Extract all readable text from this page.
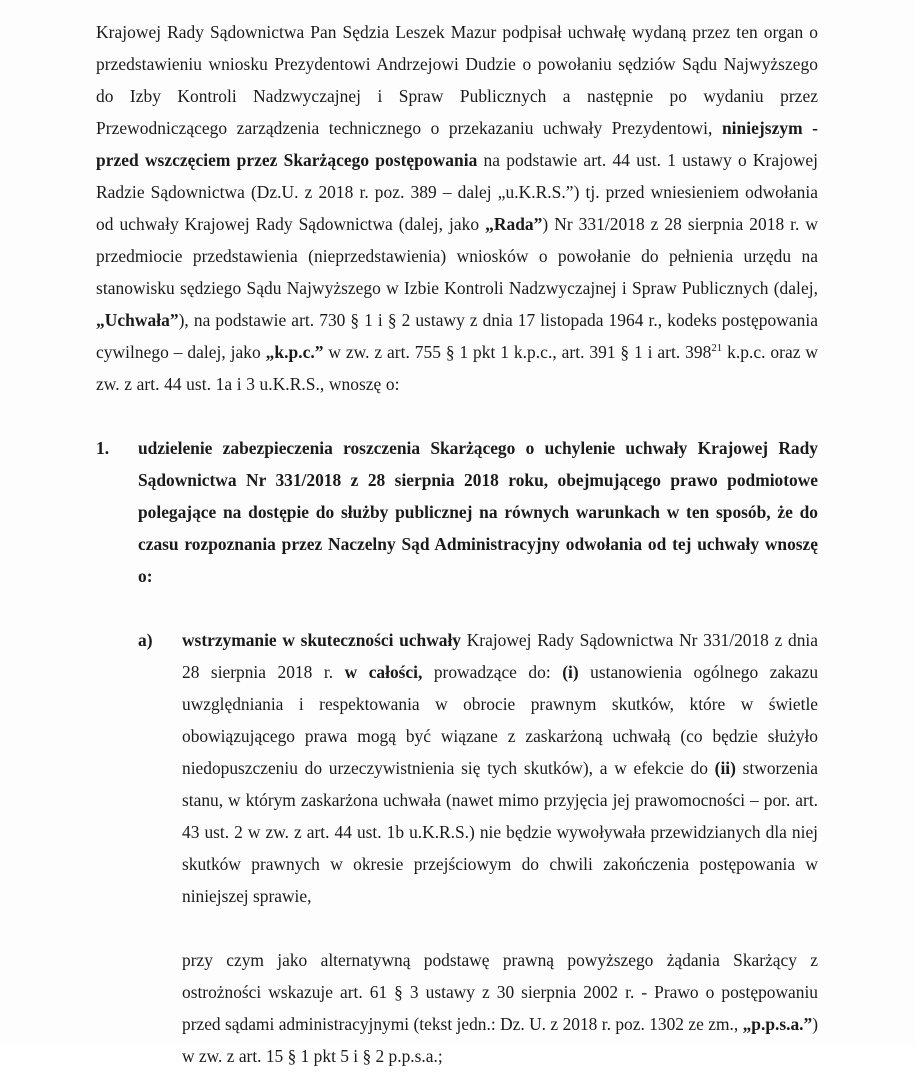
Krajowej Rady Sądownictwa Pan Sędzia Leszek Mazur podpisał uchwałę wydaną przez ten organ o przedstawieniu wniosku Prezydentowi Andrzejowi Dudzie o powołaniu sędziów Sądu Najwyższego do Izby Kontroli Nadzwyczajnej i Spraw Publicznych a następnie po wydaniu przez Przewodniczącego zarządzenia technicznego o przekazaniu uchwały Prezydentowi, niniejszym - przed wszczęciem przez Skarżącego postępowania na podstawie art. 44 ust. 1 ustawy o Krajowej Radzie Sądownictwa (Dz.U. z 2018 r. poz. 389 – dalej „u.K.R.S.”) tj. przed wniesieniem odwołania od uchwały Krajowej Rady Sądownictwa (dalej, jako „Rada”) Nr 331/2018 z 28 sierpnia 2018 r. w przedmiocie przedstawienia (nieprzedstawienia) wniosków o powołanie do pełnienia urzędu na stanowisku sędziego Sądu Najwyższego w Izbie Kontroli Nadzwyczajnej i Spraw Publicznych (dalej, „Uchwała”), na podstawie art. 730 § 1 i § 2 ustawy z dnia 17 listopada 1964 r., kodeks postępowania cywilnego – dalej, jako „k.p.c.” w zw. z art. 755 § 1 pkt 1 k.p.c., art. 391 § 1 i art. $398^{21}$ k.p.c. oraz w zw. z art. 44 ust. 1a i 3 u.K.R.S., wnoszę o:

1. udzielenie zabezpieczenia roszczenia Skarżącego o uchylenie uchwały Krajowej Rady Sądownictwa Nr 331/2018 z 28 sierpnia 2018 roku, obejmującego prawo podmiotowe polegające na dostępie do służby publicznej na równych warunkach w ten sposób, że do czasu rozpoznania przez Naczelny Sąd Administracyjny odwołania od tej uchwały wnoszę o:
a) wstrzymanie w skuteczności uchwały Krajowej Rady Sądownictwa Nr 331/2018 z dnia 28 sierpnia 2018 r. w całości, prowadzące do: (i) ustanowienia ogólnego zakazu uwzględniania i respektowania w obrocie prawnym skutków, które w świetle obowiązującego prawa mogą być wiązane z zaskarżoną uchwałą (co będzie służyło niedopuszczeniu do urzeczywistnienia się tych skutków), a w efekcie do (ii) stworzenia stanu, w którym zaskarżona uchwała (nawet mimo przyjęcia jej prawomocności – por. art. 43 ust. 2 w zw. z art. 44 ust. 1b u.K.R.S.) nie będzie wywoływała przewidzianych dla niej skutków prawnych w okresie przejściowym do chwili zakończenia postępowania w niniejszej sprawie,

przy czym jako alternatywną podstawę prawną powyższego żądania Skarżący z ostrożności wskazuje art. 61 § 3 ustawy z 30 sierpnia 2002 r. - Prawo o postępowaniu przed sądami administracyjnymi (tekst jedn.: Dz. U. z 2018 r. poz. 1302 ze zm., „p.p.s.a.”) w zw. z art. 15 § 1 pkt 5 i § 2 p.p.s.a.;
